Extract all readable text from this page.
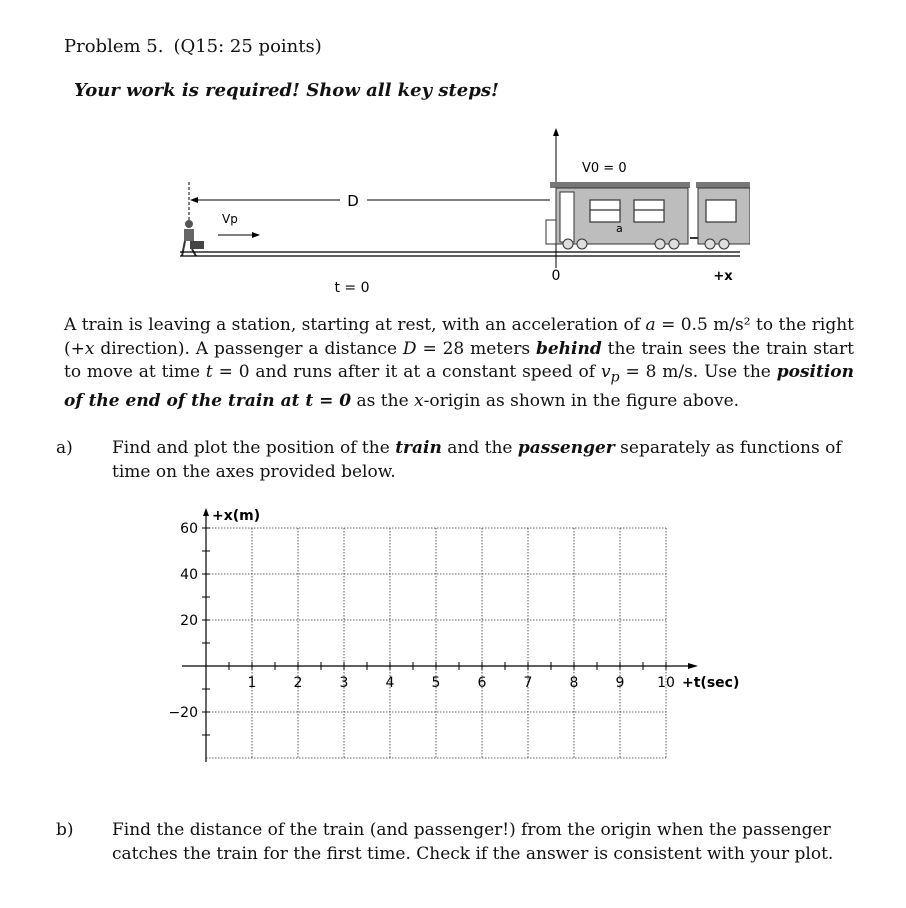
Problem 5. (Q15: 25 points)
Your work is required! Show all key steps!
D
Vp
0	+x
t = 0
V0 = 0
a
A train is leaving a station, starting at rest, with an acceleration of a = 0.5 m/s² to the right (+x direction). A passenger a distance D = 28 meters behind the train sees the train start to move at time t = 0 and runs after it at a constant speed of $v_p = 8$ m/s. Use the position of the end of the train at t = 0 as the x-origin as shown in the figure above.
a) Find and plot the position of the train and the passenger separately as functions of time on the axes provided below.
+x(m)
+t(sec)
60
40
20
−20
1	2	3	4	5	6	7	8	9 10
b) Find the distance of the train (and passenger!) from the origin when the passenger catches the train for the first time. Check if the answer is consistent with your plot.
